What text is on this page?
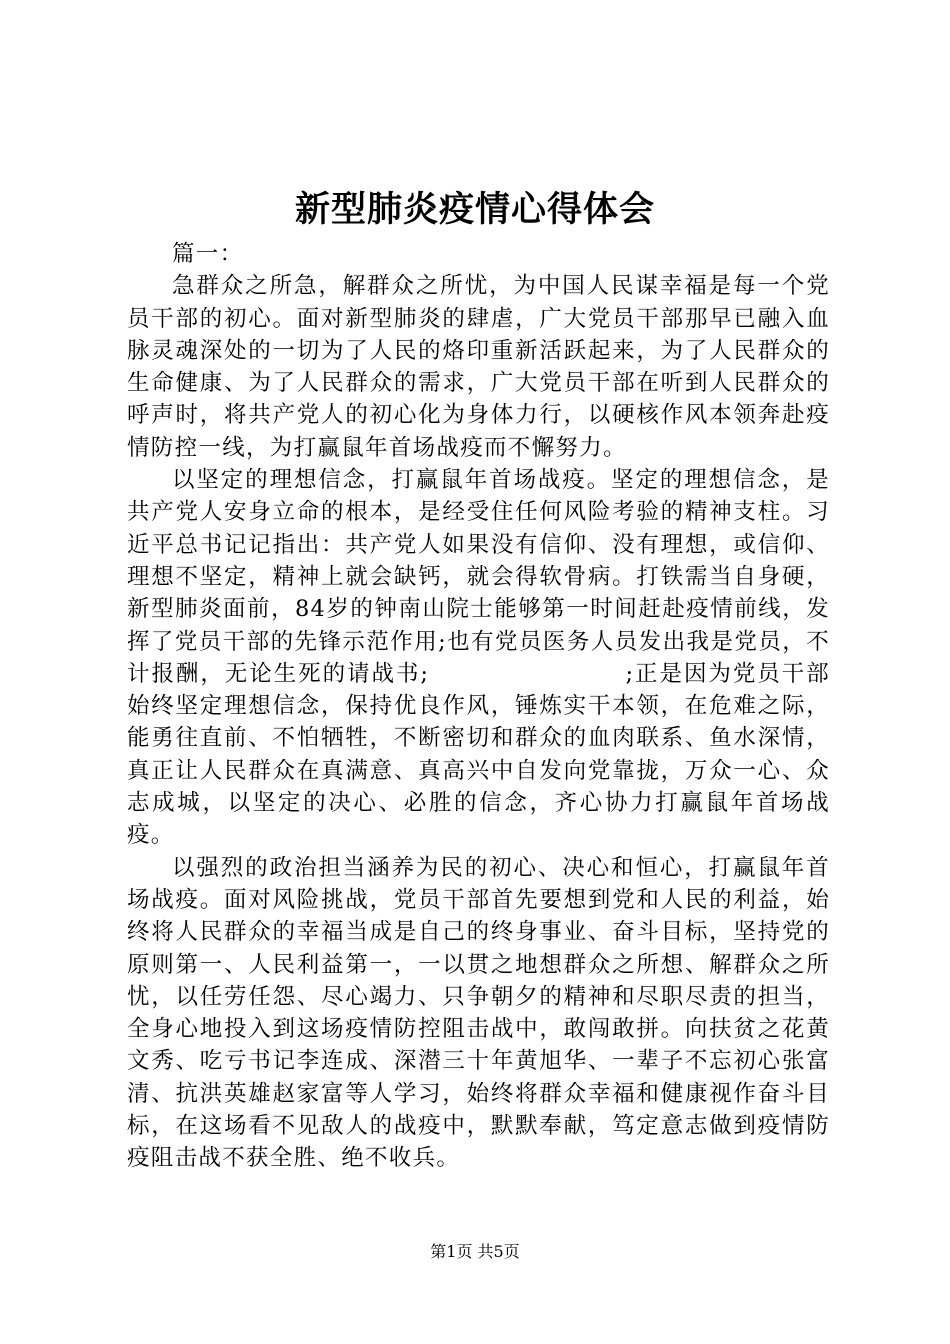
新型肺炎疫情心得体会

篇一：

急群众之所急，解群众之所忧，为中国人民谋幸福是每一个党员干部的初心。面对新型肺炎的肆虐，广大党员干部那早已融入血脉灵魂深处的一切为了人民的烙印重新活跃起来，为了人民群众的生命健康、为了人民群众的需求，广大党员干部在听到人民群众的呼声时，将共产党人的初心化为身体力行，以硬核作风本领奔赴疫情防控一线，为打赢鼠年首场战疫而不懈努力。

以坚定的理想信念，打赢鼠年首场战疫。坚定的理想信念，是共产党人安身立命的根本，是经受住任何风险考验的精神支柱。习近平总书记记指出：共产党人如果没有信仰、没有理想，或信仰、理想不坚定，精神上就会缺钙，就会得软骨病。打铁需当自身硬，新型肺炎面前，84岁的钟南山院士能够第一时间赶赴疫情前线，发挥了党员干部的先锋示范作用;也有党员医务人员发出我是党员，不计报酬，无论生死的请战书;　　　　　　　　;正是因为党员干部始终坚定理想信念，保持优良作风，锤炼实干本领，在危难之际，能勇往直前、不怕牺牲，不断密切和群众的血肉联系、鱼水深情，真正让人民群众在真满意、真高兴中自发向党靠拢，万众一心、众志成城，以坚定的决心、必胜的信念，齐心协力打赢鼠年首场战疫。

以强烈的政治担当涵养为民的初心、决心和恒心，打赢鼠年首场战疫。面对风险挑战，党员干部首先要想到党和人民的利益，始终将人民群众的幸福当成是自己的终身事业、奋斗目标，坚持党的原则第一、人民利益第一，一以贯之地想群众之所想、解群众之所忧，以任劳任怨、尽心竭力、只争朝夕的精神和尽职尽责的担当，全身心地投入到这场疫情防控阻击战中，敢闯敢拼。向扶贫之花黄文秀、吃亏书记李连成、深潜三十年黄旭华、一辈子不忘初心张富清、抗洪英雄赵家富等人学习，始终将群众幸福和健康视作奋斗目标，在这场看不见敌人的战疫中，默默奉献，笃定意志做到疫情防疫阻击战不获全胜、绝不收兵。

第1页 共5页
